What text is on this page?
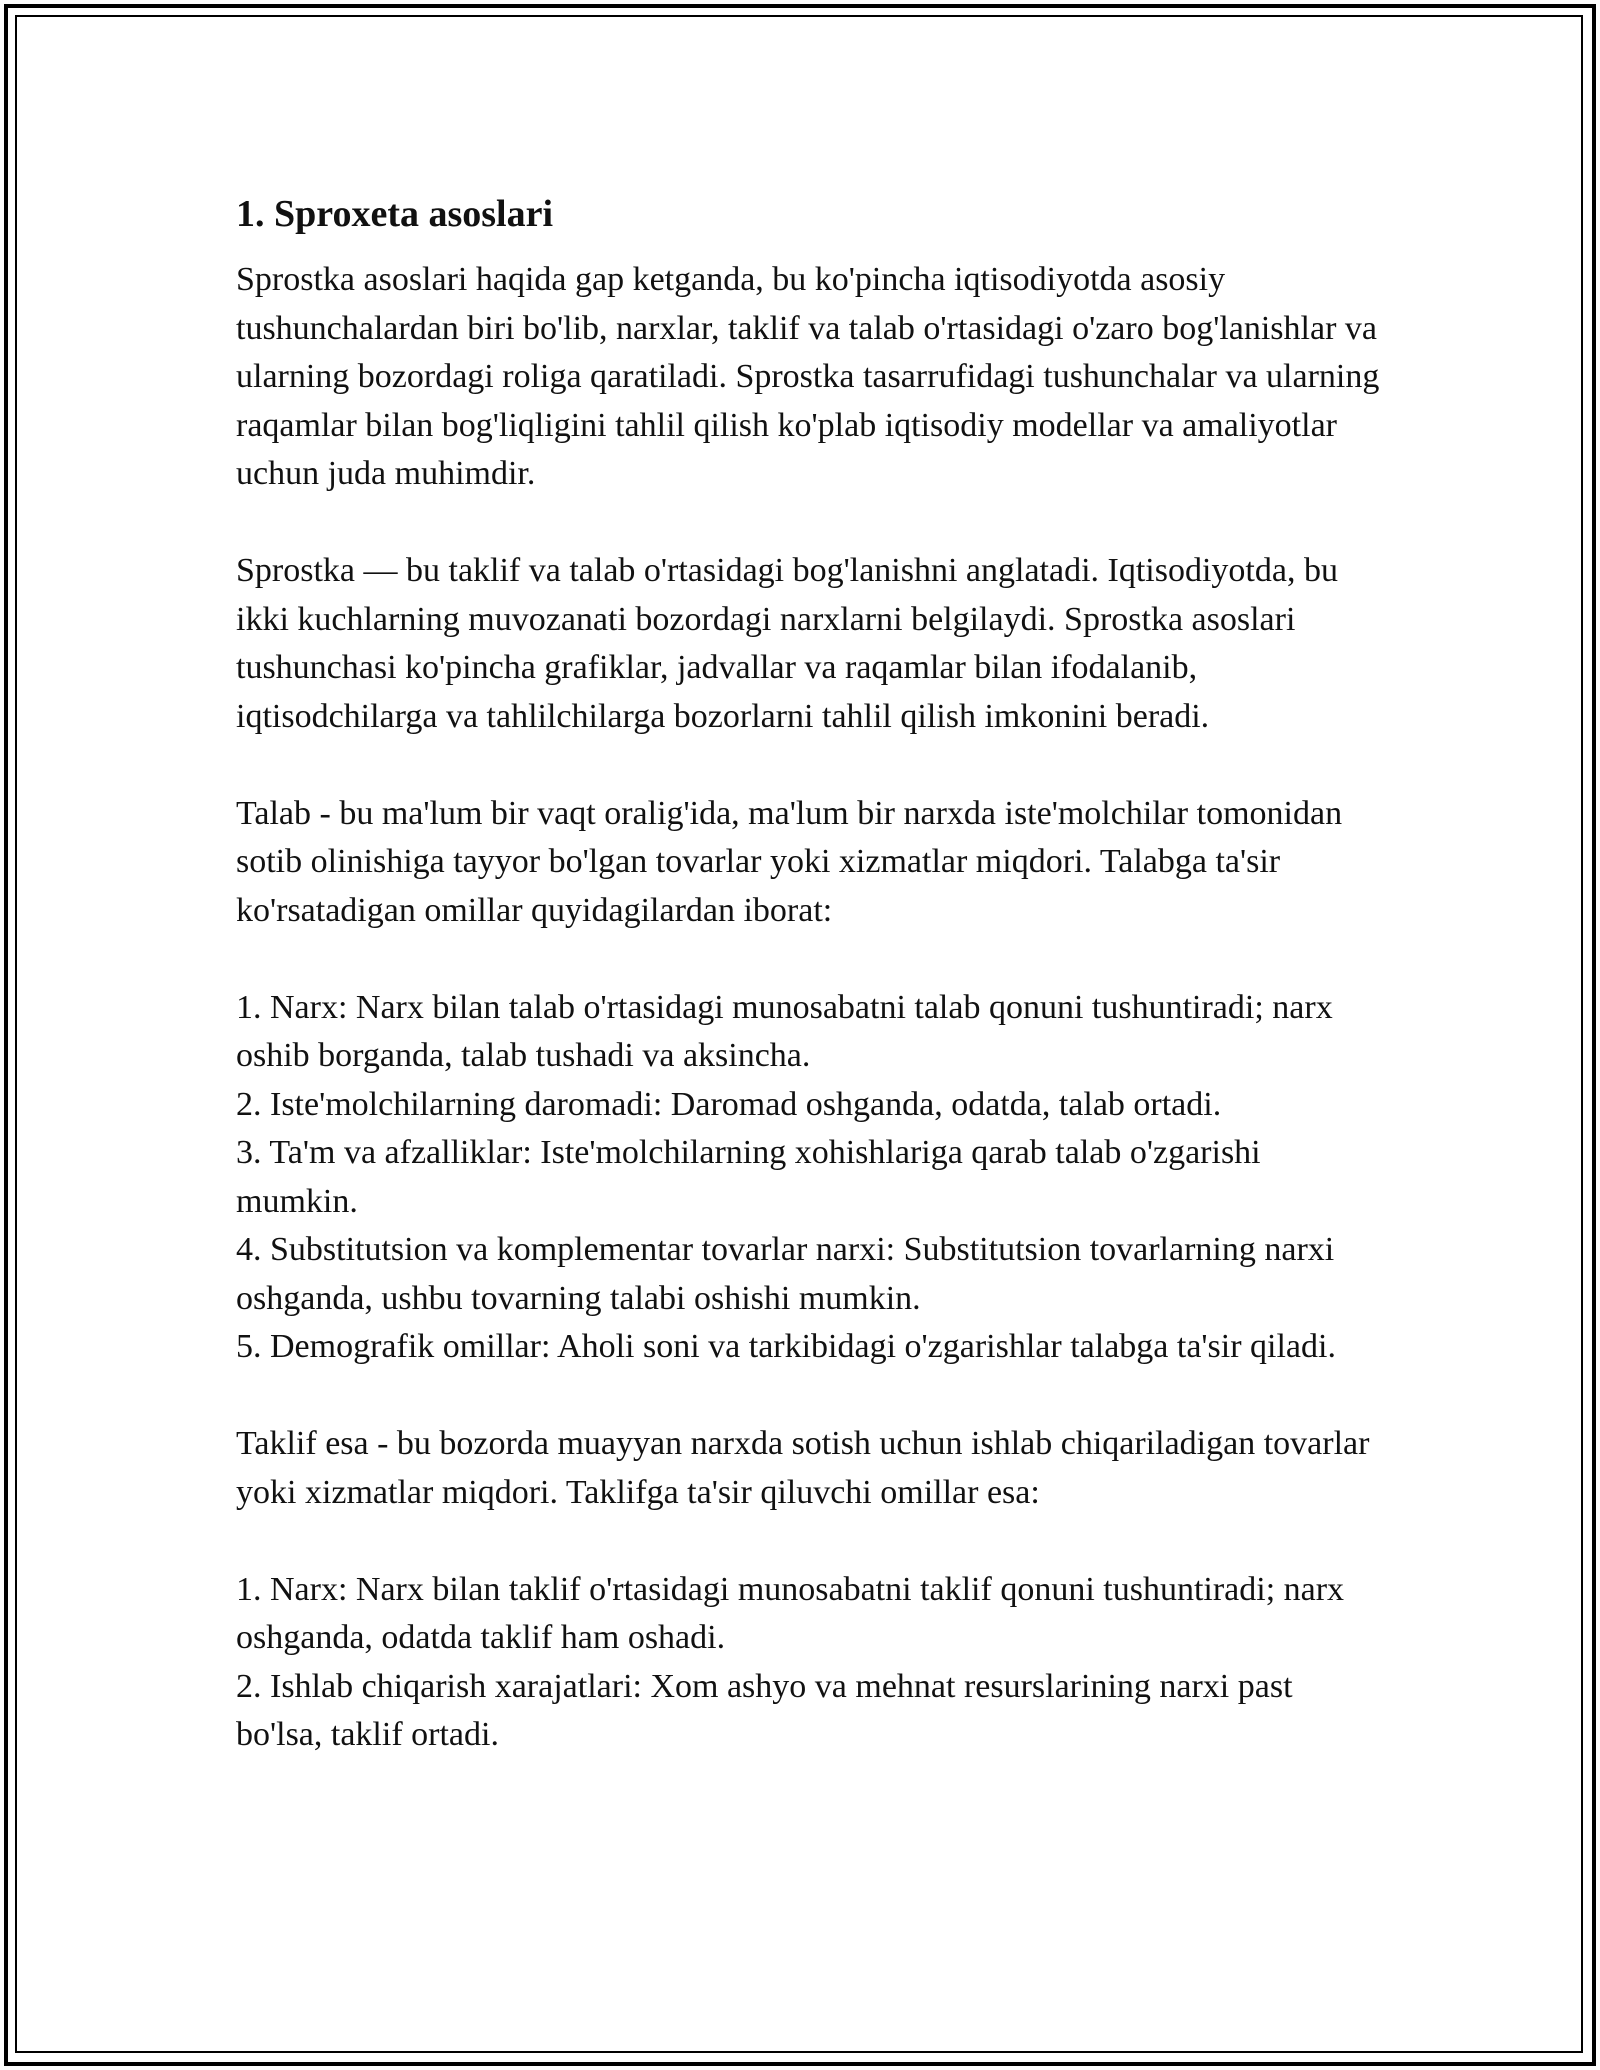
1. Sproxeta asoslari

Sprostka asoslari haqida gap ketganda, bu ko'pincha iqtisodiyotda asosiy tushunchalardan biri bo'lib, narxlar, taklif va talab o'rtasidagi o'zaro bog'lanishlar va ularning bozordagi roliga qaratiladi. Sprostka tasarrufidagi tushunchalar va ularning raqamlar bilan bog'liqligini tahlil qilish ko'plab iqtisodiy modellar va amaliyotlar uchun juda muhimdir.

Sprostka — bu taklif va talab o'rtasidagi bog'lanishni anglatadi. Iqtisodiyotda, bu ikki kuchlarning muvozanati bozordagi narxlarni belgilaydi. Sprostka asoslari tushunchasi ko'pincha grafiklar, jadvallar va raqamlar bilan ifodalanib, iqtisodchilarga va tahlilchilarga bozorlarni tahlil qilish imkonini beradi.

Talab - bu ma'lum bir vaqt oralig'ida, ma'lum bir narxda iste'molchilar tomonidan sotib olinishiga tayyor bo'lgan tovarlar yoki xizmatlar miqdori. Talabga ta'sir ko'rsatadigan omillar quyidagilardan iborat:

1. Narx: Narx bilan talab o'rtasidagi munosabatni talab qonuni tushuntiradi; narx oshib borganda, talab tushadi va aksincha.
2. Iste'molchilarning daromadi: Daromad oshganda, odatda, talab ortadi.
3. Ta'm va afzalliklar: Iste'molchilarning xohishlariga qarab talab o'zgarishi mumkin.
4. Substitutsion va komplementar tovarlar narxi: Substitutsion tovarlarning narxi oshganda, ushbu tovarning talabi oshishi mumkin.
5. Demografik omillar: Aholi soni va tarkibidagi o'zgarishlar talabga ta'sir qiladi.

Taklif esa - bu bozorda muayyan narxda sotish uchun ishlab chiqariladigan tovarlar yoki xizmatlar miqdori. Taklifga ta'sir qiluvchi omillar esa:

1. Narx: Narx bilan taklif o'rtasidagi munosabatni taklif qonuni tushuntiradi; narx oshganda, odatda taklif ham oshadi.
2. Ishlab chiqarish xarajatlari: Xom ashyo va mehnat resurslarining narxi past bo'lsa, taklif ortadi.
